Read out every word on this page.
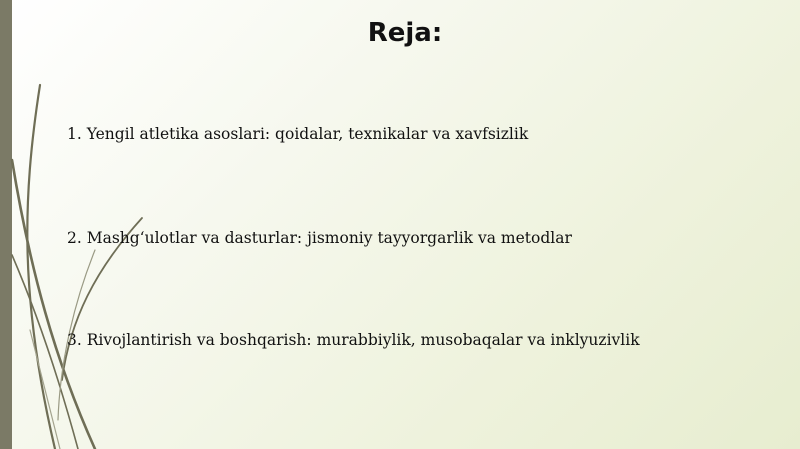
Reja:
1. Yengil atletika asoslari: qoidalar, texnikalar va xavfsizlik
2. Mashg‘ulotlar va dasturlar: jismoniy tayyorgarlik va metodlar
3. Rivojlantirish va boshqarish: murabbiylik, musobaqalar va inklyuzivlik
